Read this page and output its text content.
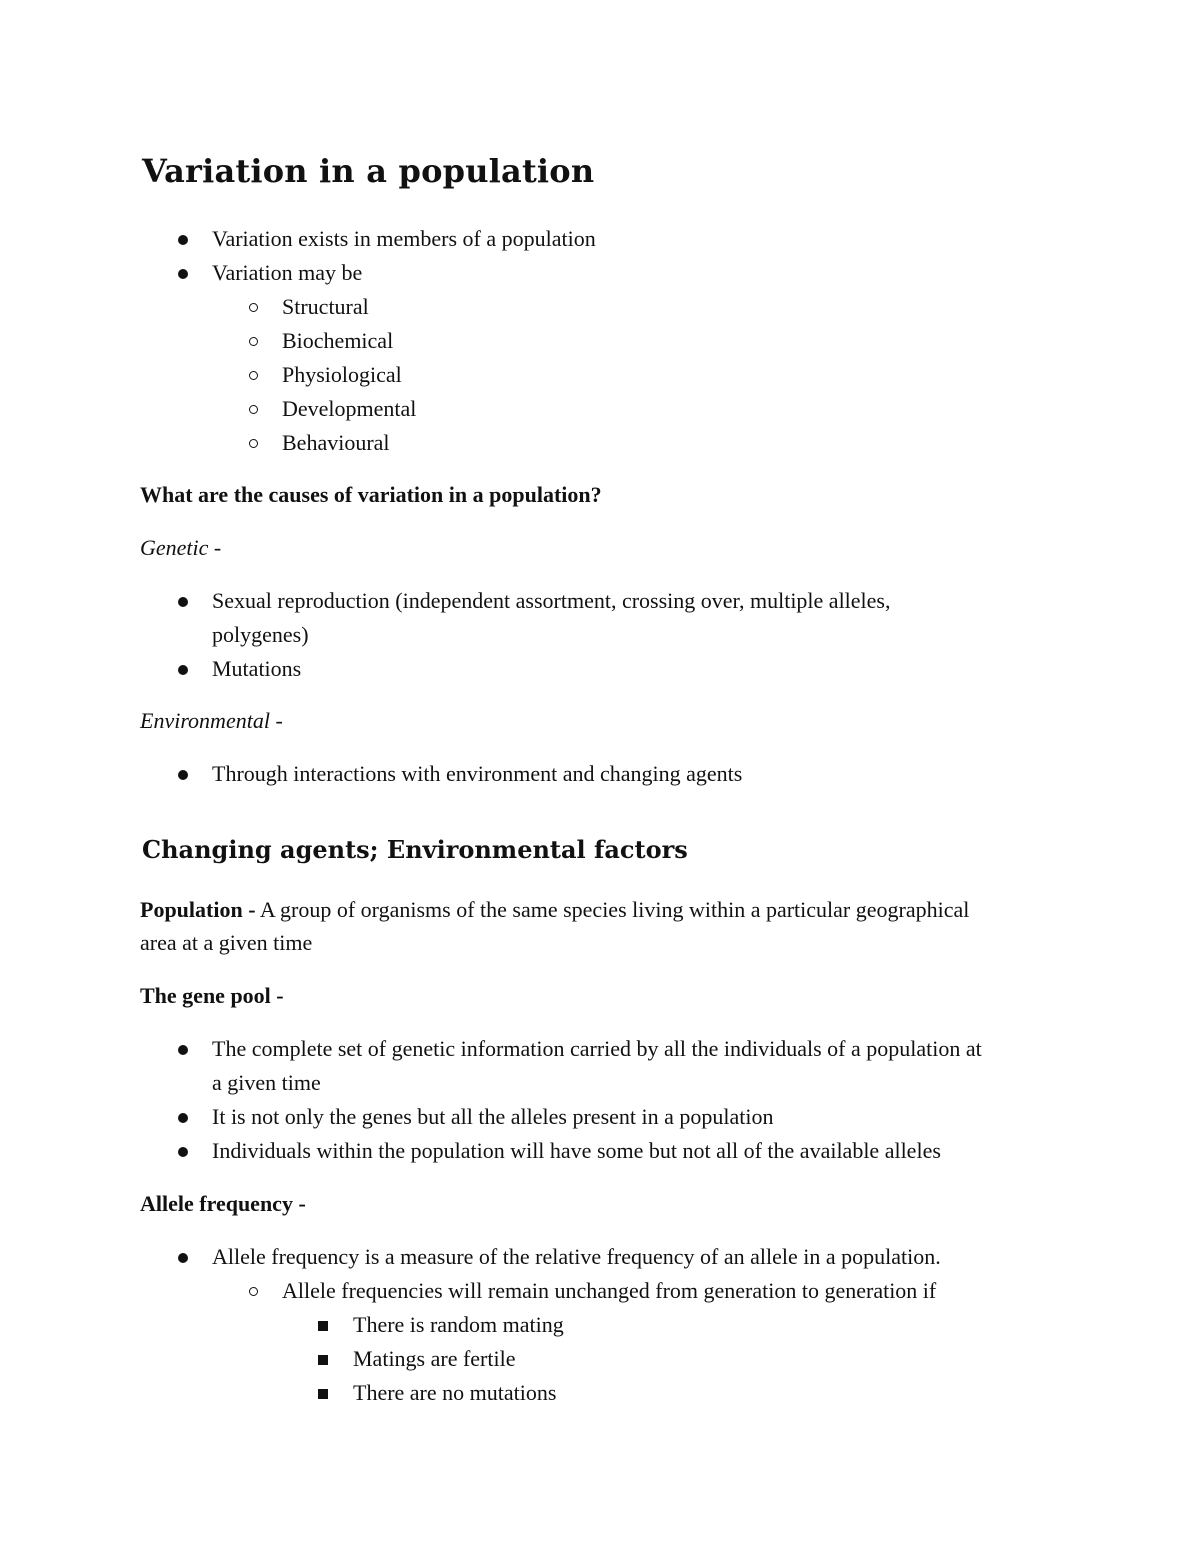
Variation in a population
Variation exists in members of a population
Variation may be
Structural
Biochemical
Physiological
Developmental
Behavioural
What are the causes of variation in a population?
Genetic -
Sexual reproduction (independent assortment, crossing over, multiple alleles,
polygenes)
Mutations
Environmental -
Through interactions with environment and changing agents
Changing agents; Environmental factors
Population - A group of organisms of the same species living within a particular geographical
area at a given time
The gene pool -
The complete set of genetic information carried by all the individuals of a population at
a given time
It is not only the genes but all the alleles present in a population
Individuals within the population will have some but not all of the available alleles
Allele frequency -
Allele frequency is a measure of the relative frequency of an allele in a population.
Allele frequencies will remain unchanged from generation to generation if
There is random mating
Matings are fertile
There are no mutations
